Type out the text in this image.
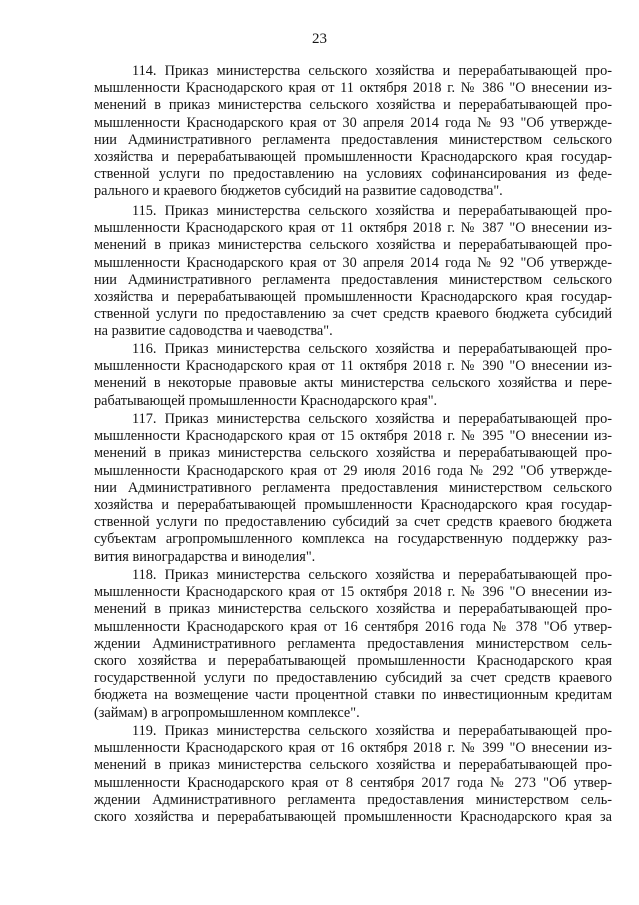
23
114. Приказ министерства сельского хозяйства и перерабатывающей про-
мышленности Краснодарского края от 11 октября 2018 г. № 386 "О внесении из-
менений в приказ министерства сельского хозяйства и перерабатывающей про-
мышленности Краснодарского края от 30 апреля 2014 года № 93 "Об утвержде-
нии Административного регламента предоставления министерством сельского
хозяйства и перерабатывающей промышленности Краснодарского края государ-
ственной услуги по предоставлению на условиях софинансирования из феде-
рального и краевого бюджетов субсидий на развитие садоводства".
115. Приказ министерства сельского хозяйства и перерабатывающей про-
мышленности Краснодарского края от 11 октября 2018 г. № 387 "О внесении из-
менений в приказ министерства сельского хозяйства и перерабатывающей про-
мышленности Краснодарского края от 30 апреля 2014 года № 92 "Об утвержде-
нии Административного регламента предоставления министерством сельского
хозяйства и перерабатывающей промышленности Краснодарского края государ-
ственной услуги по предоставлению за счет средств краевого бюджета субсидий
на развитие садоводства и чаеводства".
116. Приказ министерства сельского хозяйства и перерабатывающей про-
мышленности Краснодарского края от 11 октября 2018 г. № 390 "О внесении из-
менений в некоторые правовые акты министерства сельского хозяйства и пере-
рабатывающей промышленности Краснодарского края".
117. Приказ министерства сельского хозяйства и перерабатывающей про-
мышленности Краснодарского края от 15 октября 2018 г. № 395 "О внесении из-
менений в приказ министерства сельского хозяйства и перерабатывающей про-
мышленности Краснодарского края от 29 июля 2016 года № 292 "Об утвержде-
нии Административного регламента предоставления министерством сельского
хозяйства и перерабатывающей промышленности Краснодарского края государ-
ственной услуги по предоставлению субсидий за счет средств краевого бюджета
субъектам агропромышленного комплекса на государственную поддержку раз-
вития виноградарства и виноделия".
118. Приказ министерства сельского хозяйства и перерабатывающей про-
мышленности Краснодарского края от 15 октября 2018 г. № 396 "О внесении из-
менений в приказ министерства сельского хозяйства и перерабатывающей про-
мышленности Краснодарского края от 16 сентября 2016 года № 378 "Об утвер-
ждении Административного регламента предоставления министерством сель-
ского хозяйства и перерабатывающей промышленности Краснодарского края
государственной услуги по предоставлению субсидий за счет средств краевого
бюджета на возмещение части процентной ставки по инвестиционным кредитам
(займам) в агропромышленном комплексе".
119. Приказ министерства сельского хозяйства и перерабатывающей про-
мышленности Краснодарского края от 16 октября 2018 г. № 399 "О внесении из-
менений в приказ министерства сельского хозяйства и перерабатывающей про-
мышленности Краснодарского края от 8 сентября 2017 года № 273 "Об утвер-
ждении Административного регламента предоставления министерством сель-
ского хозяйства и перерабатывающей промышленности Краснодарского края за
